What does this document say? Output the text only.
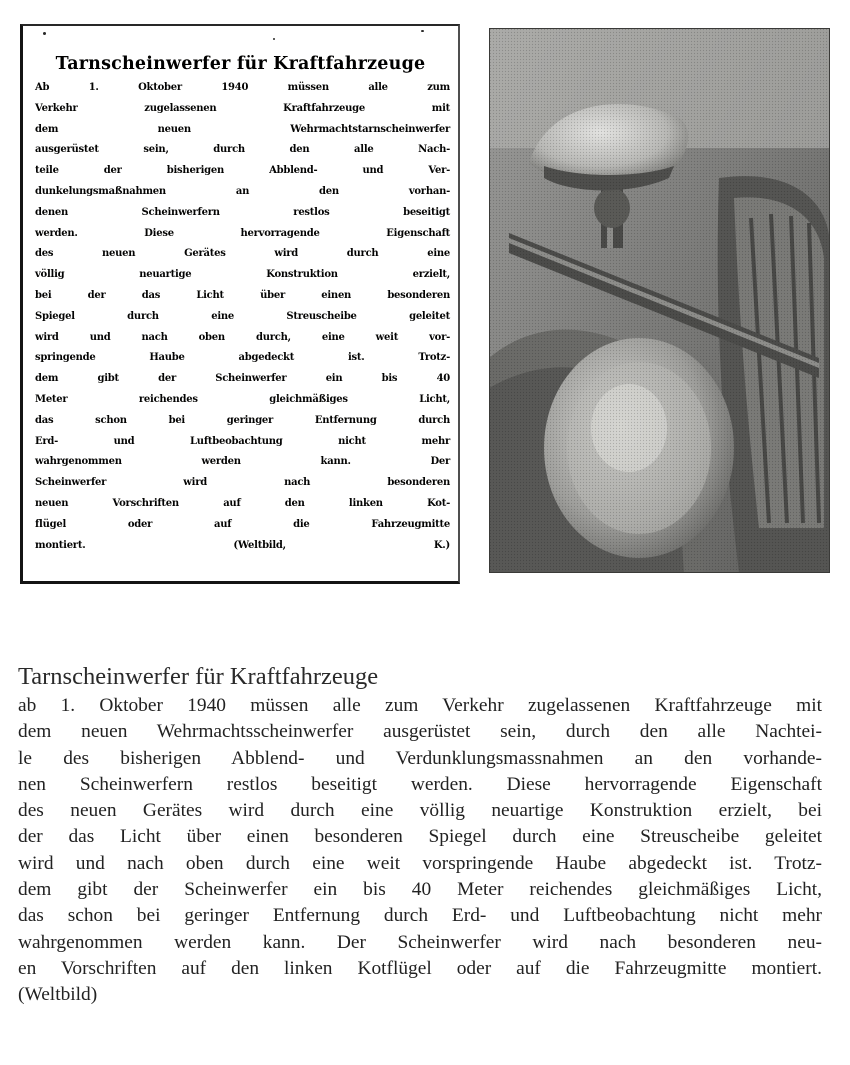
Tarnscheinwerfer für Kraftfahrzeuge
Ab 1. Oktober 1940 müssen alle zum
Verkehr zugelassenen Kraftfahrzeuge mit
dem neuen Wehrmachtstarnscheinwerfer
ausgerüstet sein, durch den alle Nach-
teile der bisherigen Abblend- und Ver-
dunkelungsmaßnahmen an den vorhan-
denen Scheinwerfern restlos beseitigt
werden. Diese hervorragende Eigenschaft
des neuen Gerätes wird durch eine
völlig neuartige Konstruktion erzielt,
bei der das Licht über einen besonderen
Spiegel durch eine Streuscheibe geleitet
wird und nach oben durch, eine weit vor-
springende Haube abgedeckt ist. Trotz-
dem gibt der Scheinwerfer ein bis 40
Meter reichendes gleichmäßiges Licht,
das schon bei geringer Entfernung durch
Erd- und Luftbeobachtung nicht mehr
wahrgenommen werden kann. Der
Scheinwerfer wird nach besonderen
neuen Vorschriften auf den linken Kot-
flügel oder auf die Fahrzeugmitte
montiert. (Weltbild, K.)
Tarnscheinwerfer für Kraftfahrzeuge
ab 1. Oktober 1940 müssen alle zum Verkehr zugelassenen Kraftfahrzeuge mit
dem neuen Wehrmachtsscheinwerfer ausgerüstet sein, durch den alle Nachtei-
le des bisherigen Abblend- und Verdunklungsmassnahmen an den vorhande-
nen Scheinwerfern restlos beseitigt werden. Diese hervorragende Eigenschaft
des neuen Gerätes wird durch eine völlig neuartige Konstruktion erzielt, bei
der das Licht über einen besonderen Spiegel durch eine Streuscheibe geleitet
wird und nach oben durch eine weit vorspringende Haube abgedeckt ist. Trotz-
dem gibt der Scheinwerfer ein bis 40 Meter reichendes gleichmäßiges Licht,
das schon bei geringer Entfernung durch Erd- und Luftbeobachtung nicht mehr
wahrgenommen werden kann. Der Scheinwerfer wird nach besonderen neu-
en Vorschriften auf den linken Kotflügel oder auf die Fahrzeugmitte montiert.
(Weltbild)
